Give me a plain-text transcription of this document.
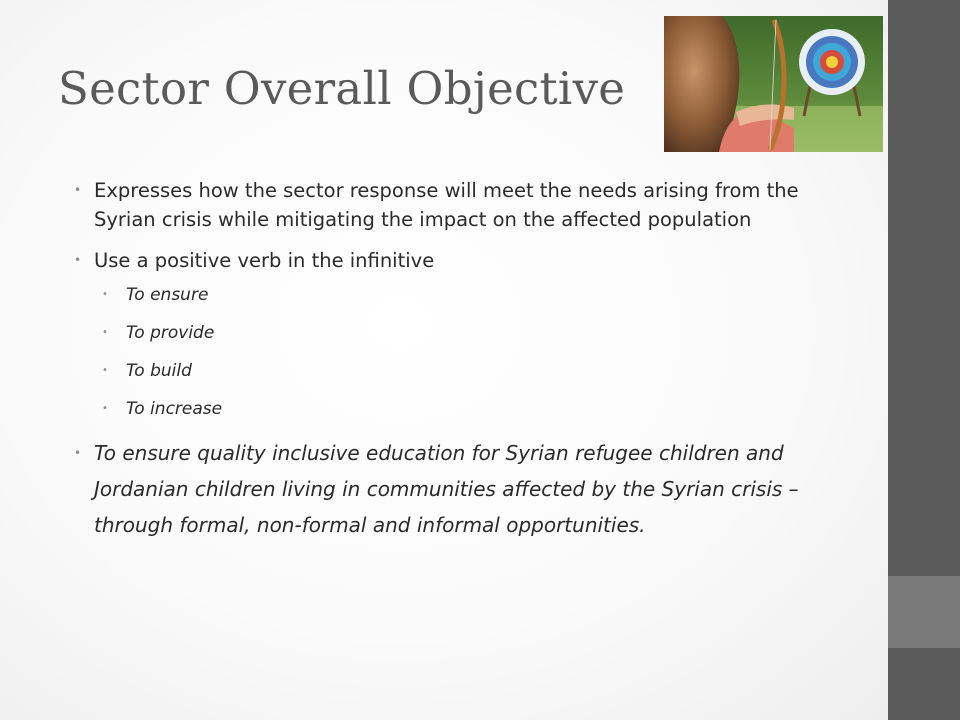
Sector Overall Objective
• Expresses how the sector response will meet the needs arising from the Syrian crisis while mitigating the impact on the affected population
• Use a positive verb in the infinitive
• To ensure
• To provide
• To build
• To increase
• To ensure quality inclusive education for Syrian refugee children and Jordanian children living in communities affected by the Syrian crisis – through formal, non-formal and informal opportunities.
